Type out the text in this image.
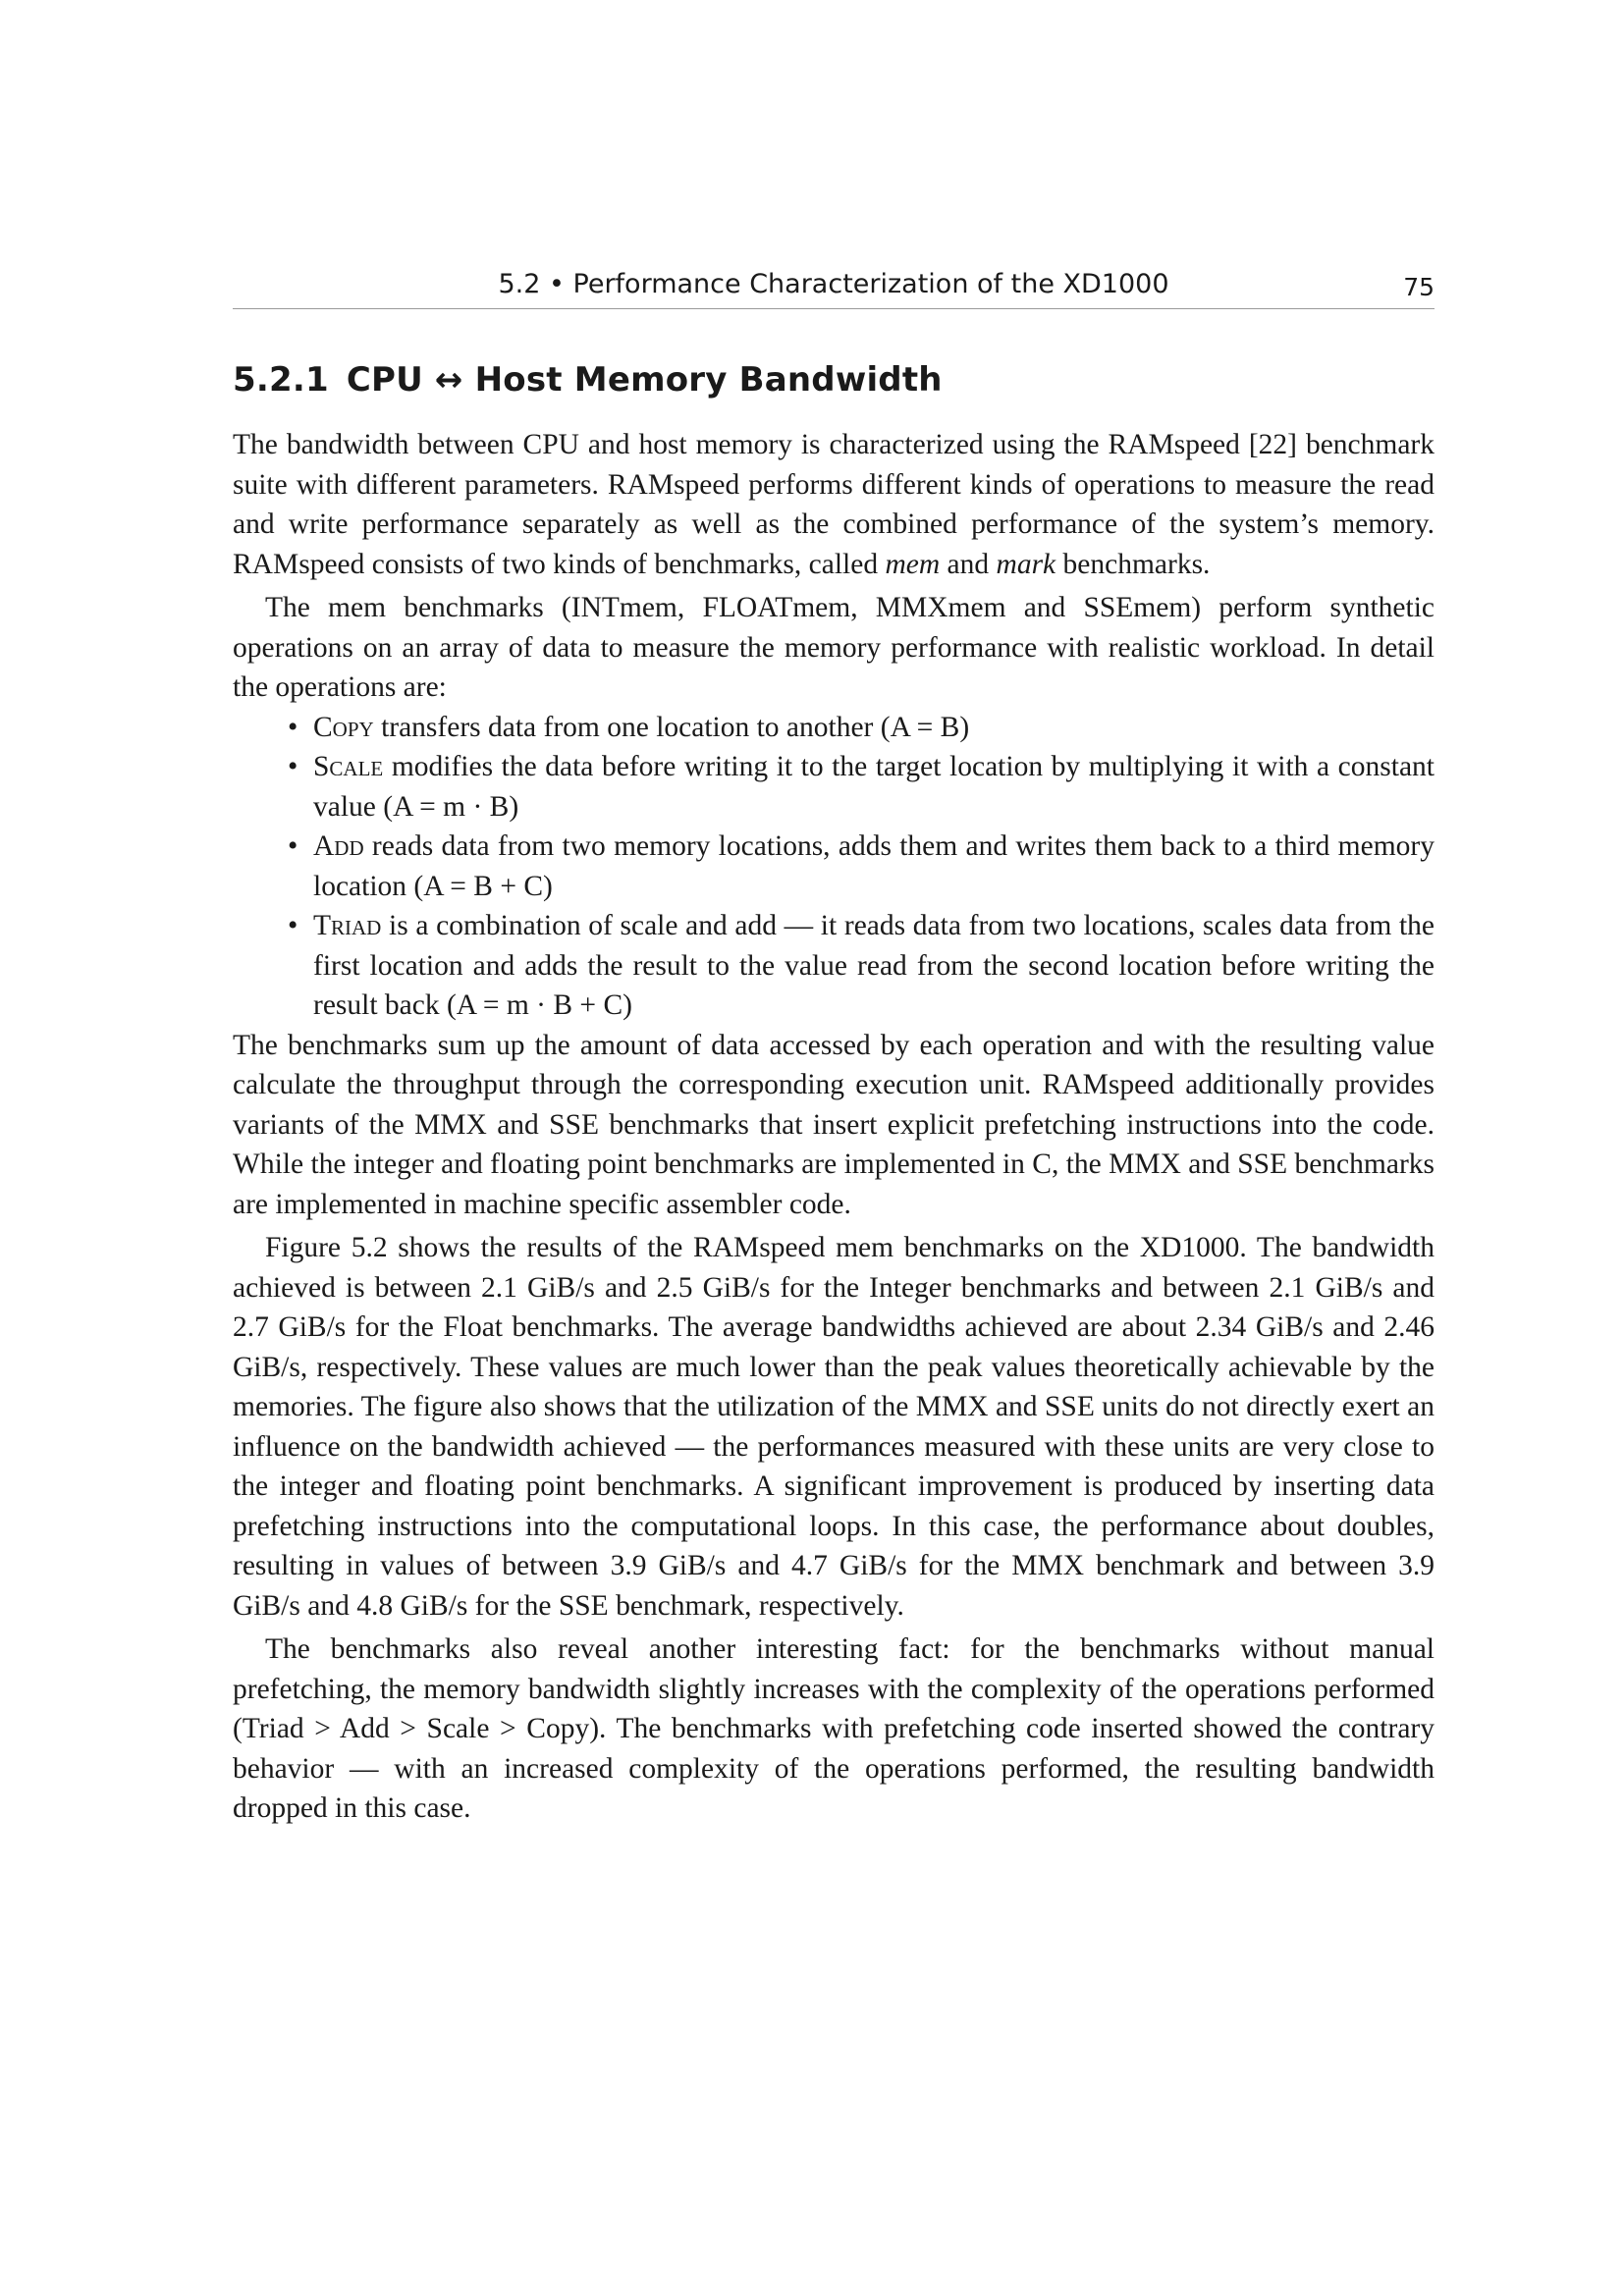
5.2 • Performance Characterization of the XD1000	75
5.2.1 CPU ↔ Host Memory Bandwidth

The bandwidth between CPU and host memory is characterized using the RAMspeed [22] benchmark suite with different parameters. RAMspeed performs different kinds of operations to measure the read and write performance separately as well as the combined performance of the system’s memory. RAMspeed consists of two kinds of benchmarks, called mem and mark benchmarks.

The mem benchmarks (INTmem, FLOATmem, MMXmem and SSEmem) perform synthetic operations on an array of data to measure the memory performance with realistic workload. In detail the operations are:

• Copy transfers data from one location to another (A = B)
• Scale modifies the data before writing it to the target location by multiplying it with a constant value (A = m · B)
• Add reads data from two memory locations, adds them and writes them back to a third memory location (A = B + C)
• Triad is a combination of scale and add — it reads data from two locations, scales data from the first location and adds the result to the value read from the second location before writing the result back (A = m · B + C)

The benchmarks sum up the amount of data accessed by each operation and with the resulting value calculate the throughput through the corresponding execution unit. RAMspeed additionally provides variants of the MMX and SSE benchmarks that insert explicit prefetching instructions into the code. While the integer and floating point benchmarks are implemented in C, the MMX and SSE benchmarks are implemented in machine specific assembler code.

Figure 5.2 shows the results of the RAMspeed mem benchmarks on the XD1000. The bandwidth achieved is between 2.1 GiB/s and 2.5 GiB/s for the Integer benchmarks and between 2.1 GiB/s and 2.7 GiB/s for the Float benchmarks. The average bandwidths achieved are about 2.34 GiB/s and 2.46 GiB/s, respectively. These values are much lower than the peak values theoretically achievable by the memories. The figure also shows that the utilization of the MMX and SSE units do not directly exert an influence on the bandwidth achieved — the performances measured with these units are very close to the integer and floating point benchmarks. A significant improvement is produced by inserting data prefetching instructions into the computational loops. In this case, the performance about doubles, resulting in values of between 3.9 GiB/s and 4.7 GiB/s for the MMX benchmark and between 3.9 GiB/s and 4.8 GiB/s for the SSE benchmark, respectively.

The benchmarks also reveal another interesting fact: for the benchmarks without manual prefetching, the memory bandwidth slightly increases with the complexity of the operations performed (Triad > Add > Scale > Copy). The benchmarks with prefetching code inserted showed the contrary behavior — with an increased complexity of the operations performed, the resulting bandwidth dropped in this case.
